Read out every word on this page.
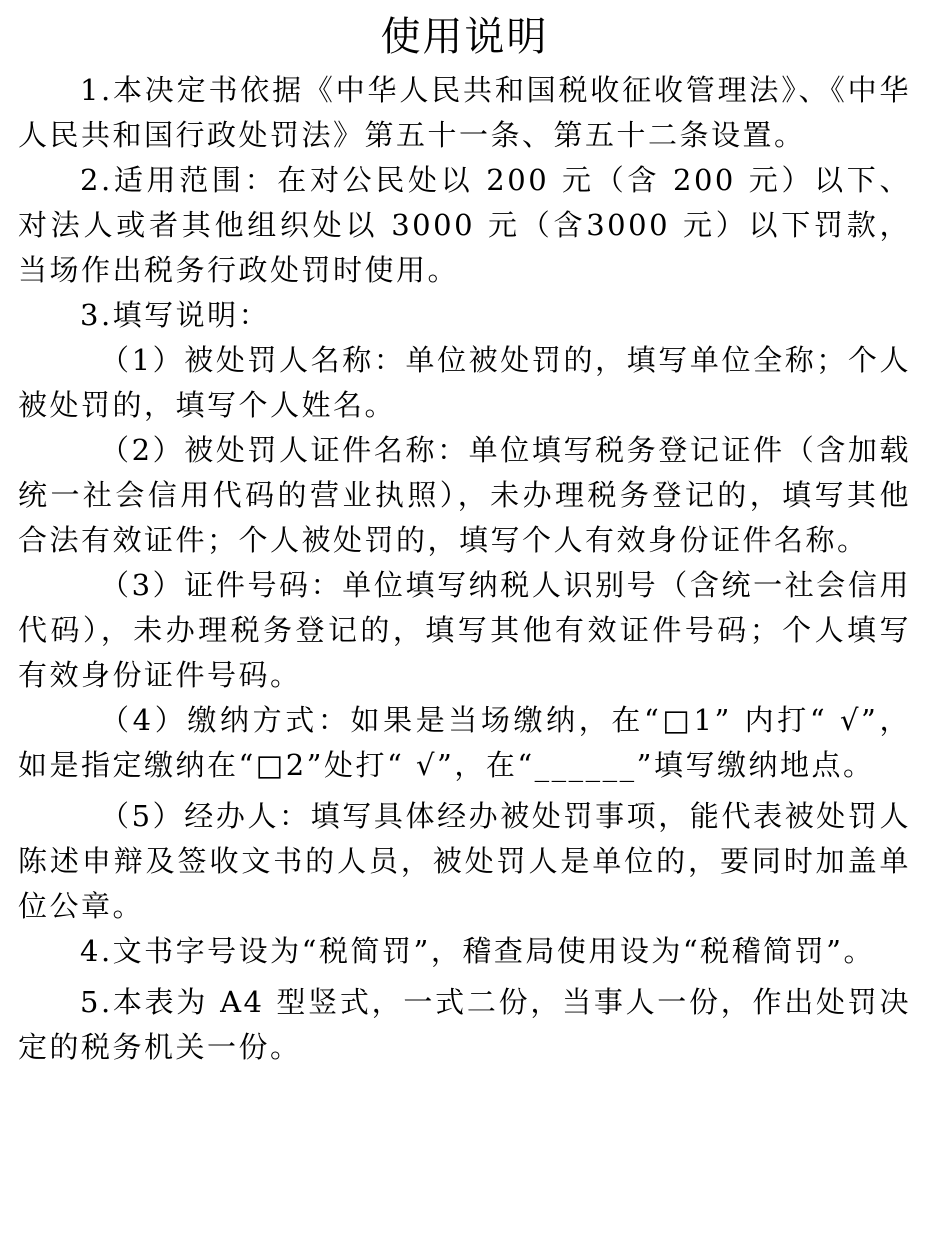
使用说明

1.本决定书依据《中华人民共和国税收征收管理法》、《中华人民共和国行政处罚法》第五十一条、第五十二条设置。

2.适用范围：在对公民处以 200 元（含 200 元）以下、对法人或者其他组织处以 3000 元（含3000 元）以下罚款，当场作出税务行政处罚时使用。

3.填写说明：

（1）被处罚人名称：单位被处罚的，填写单位全称；个人被处罚的，填写个人姓名。

（2）被处罚人证件名称：单位填写税务登记证件（含加载统一社会信用代码的营业执照），未办理税务登记的，填写其他合法有效证件；个人被处罚的，填写个人有效身份证件名称。

（3）证件号码：单位填写纳税人识别号（含统一社会信用代码），未办理税务登记的，填写其他有效证件号码；个人填写有效身份证件号码。

（4）缴纳方式：如果是当场缴纳，在“□1” 内打“ √”，如是指定缴纳在“□2”处打“ √”，在“______”填写缴纳地点。

（5）经办人：填写具体经办被处罚事项，能代表被处罚人陈述申辩及签收文书的人员，被处罚人是单位的，要同时加盖单位公章。

4.文书字号设为“税简罚”，稽查局使用设为“税稽简罚”。

5.本表为 A4 型竖式，一式二份，当事人一份，作出处罚决定的税务机关一份。
